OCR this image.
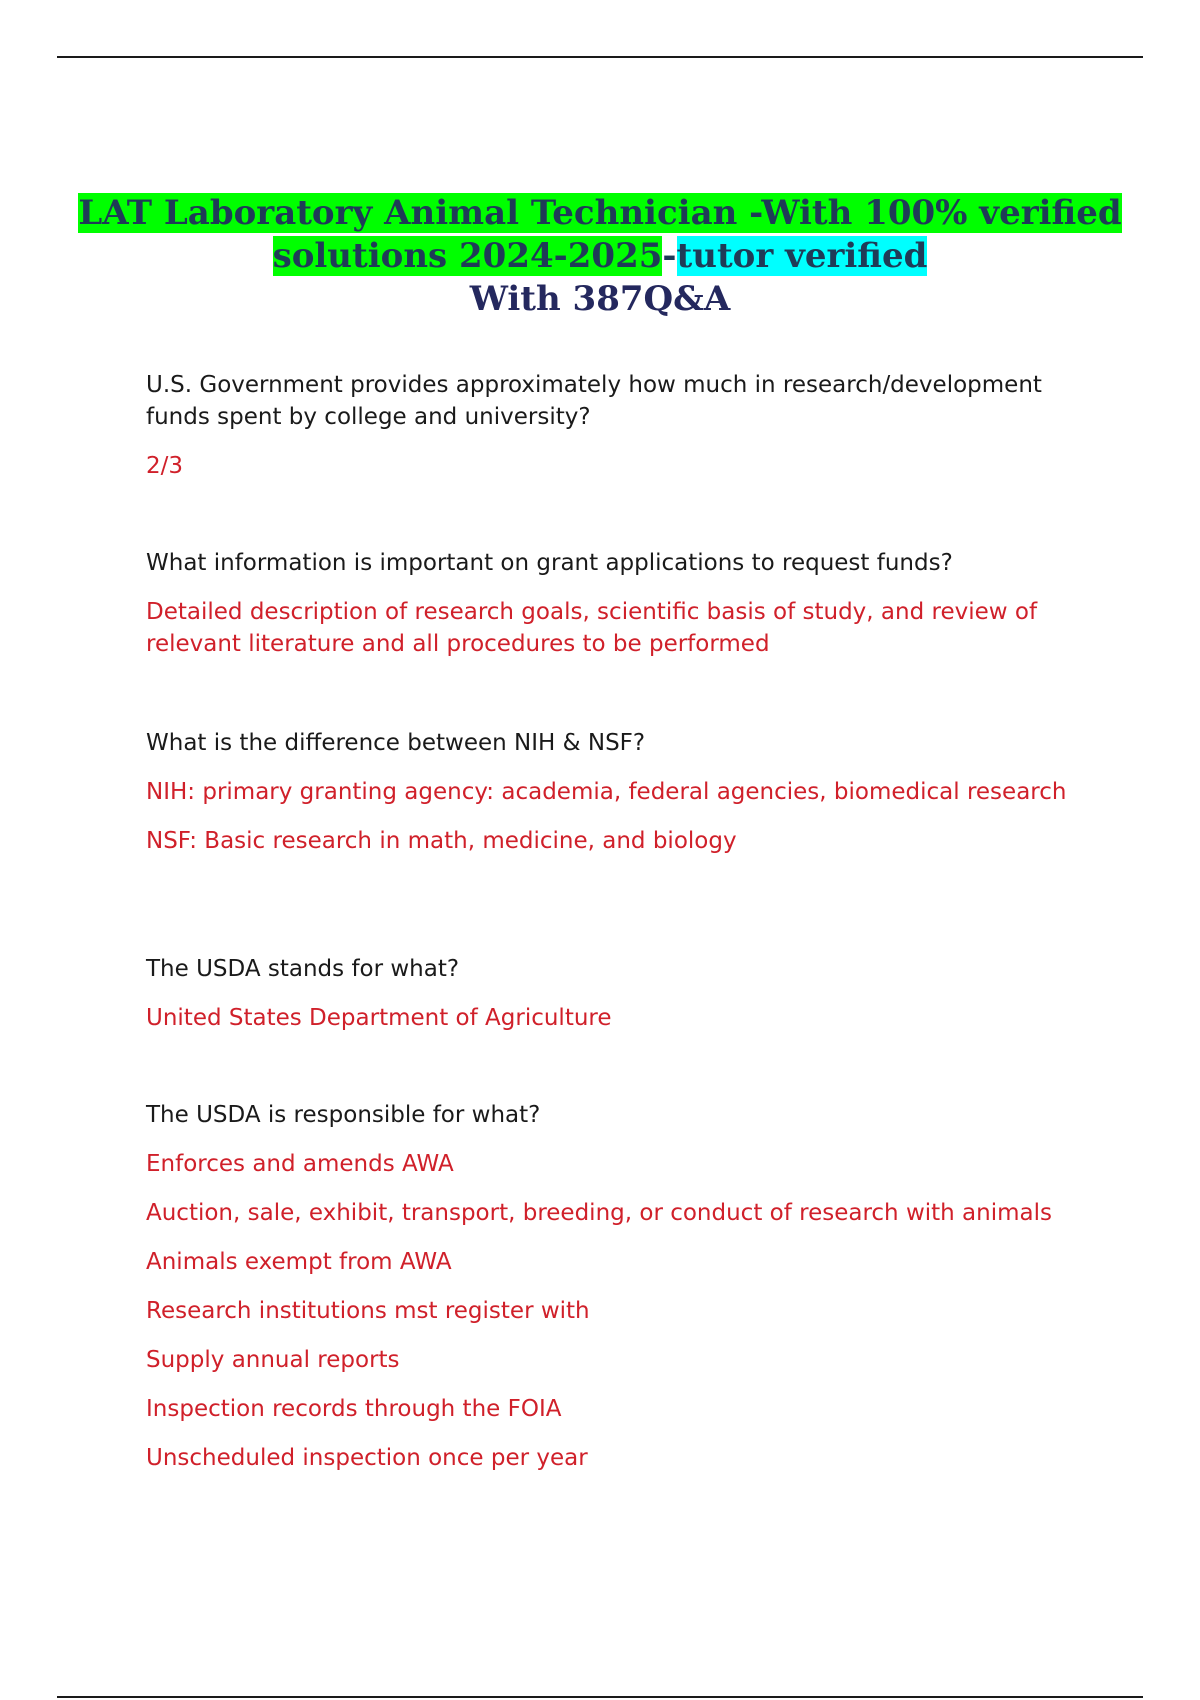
LAT Laboratory Animal Technician -With 100% verified
solutions 2024-2025-tutor verified

With 387Q&A

U.S. Government provides approximately how much in research/development funds spent by college and university?

2/3

What information is important on grant applications to request funds?

Detailed description of research goals, scientific basis of study, and review of relevant literature and all procedures to be performed

What is the difference between NIH & NSF?

NIH: primary granting agency: academia, federal agencies, biomedical research

NSF: Basic research in math, medicine, and biology

The USDA stands for what?

United States Department of Agriculture

The USDA is responsible for what?

Enforces and amends AWA

Auction, sale, exhibit, transport, breeding, or conduct of research with animals

Animals exempt from AWA

Research institutions mst register with

Supply annual reports

Inspection records through the FOIA

Unscheduled inspection once per year
